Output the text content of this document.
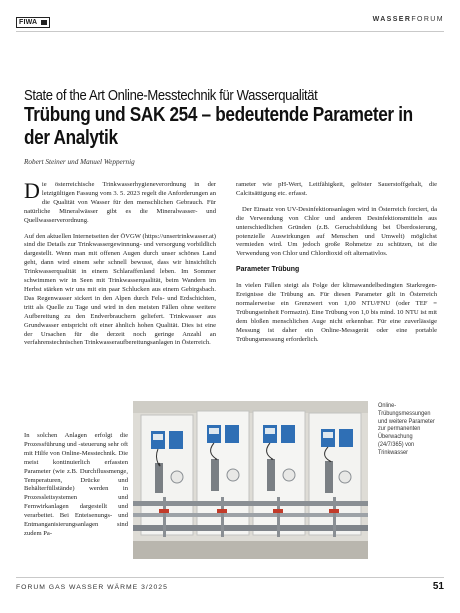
FIWA	WASSERFORUM
State of the Art Online-Messtechnik für Wasserqualität
Trübung und SAK 254 – bedeutende Parameter in der Analytik
Robert Steiner und Manuel Weppernig

Die österreichische Trinkwasserhygieneverordnung in der letztgültigen Fassung vom 3. 5. 2023 regelt die Anforderungen an die Qualität von Wasser für den menschlichen Gebrauch. Für natürliche Mineralwässer gibt es die Mineralwasser- und Quellwasserverordnung.

Auf den aktuellen Internetseiten der ÖVGW (https://unsertrinkwasser.at) sind die Details zur Trinkwassergewinnung- und versorgung vorbildlich dargestellt. Wenn man mit offenen Augen durch unser schönes Land geht, dann wird einem sehr schnell bewusst, dass wir hinsichtlich Trinkwasserqualität in einem Schlaraffenland leben. Im Sommer schwimmen wir in Seen mit Trinkwasserqualität, beim Wandern im Herbst stärken wir uns mit ein paar Schlucken aus einem Gebirgsbach. Das Regenwasser sickert in den Alpen durch Fels- und Erdschichten, tritt als Quelle zu Tage und wird in den meisten Fällen ohne weitere Aufbereitung zu den Endverbrauchern geliefert. Trinkwasser aus Grundwasser entspricht oft einer ähnlich hohen Qualität. Dies ist eine der Ursachen für die derzeit noch geringe Anzahl an verfahrenstechnischen Trinkwasseraufbereitungsanlagen in Österreich.

In solchen Anlagen erfolgt die Prozessführung und -steuerung sehr oft mit Hilfe von Online-Messtechnik. Die meist kontinuierlich erfassten Parameter (wie z.B. Durchflussmenge, Temperaturen, Drücke und Behälterfüllstände) werden in Prozessleitsystemen und Fernwirkanlagen dargestellt und verarbeitet. Bei Enteisenungs- und Entmanganisierungsanlagen sind zudem Pa-

rameter wie pH-Wert, Leitfähigkeit, gelöster Sauerstoffgehalt, die Calcitsättigung etc. erfasst.

Der Einsatz von UV-Desinfektionsanlagen wird in Österreich forciert, da die Verwendung von Chlor und anderen Desinfektionsmitteln aus unterschiedlichen Gründen (z.B. Geruchsbildung bei Überdosierung, potenzielle Auswirkungen auf Menschen und Umwelt) möglichst vermieden wird. Um jedoch große Rohmetze zu schützen, ist die Verwendung von Chlor und Chlordioxid oft alternativlos.

Parameter Trübung

In vielen Fällen steigt als Folge der klimawandelbedingten Starkregen-Ereignisse die Trübung an. Für diesen Parameter gilt in Österreich normalerweise ein Grenzwert von 1,00 NTU/FNU (oder TEF = Trübungseinheit Formazin). Eine Trübung von 1,0 bis mind. 10 NTU ist mit dem bloßen menschlichen Auge nicht erkennbar. Für eine zuverlässige Messung ist daher ein Online-Messgerät oder eine portable Trübungsmessung erforderlich.

Online-Trübungsmessungen und weitere Parameter zur permanenten Überwachung (24/7/365) von Trinkwasser
FORUM GAS WASSER WÄRME 3/2025	51
